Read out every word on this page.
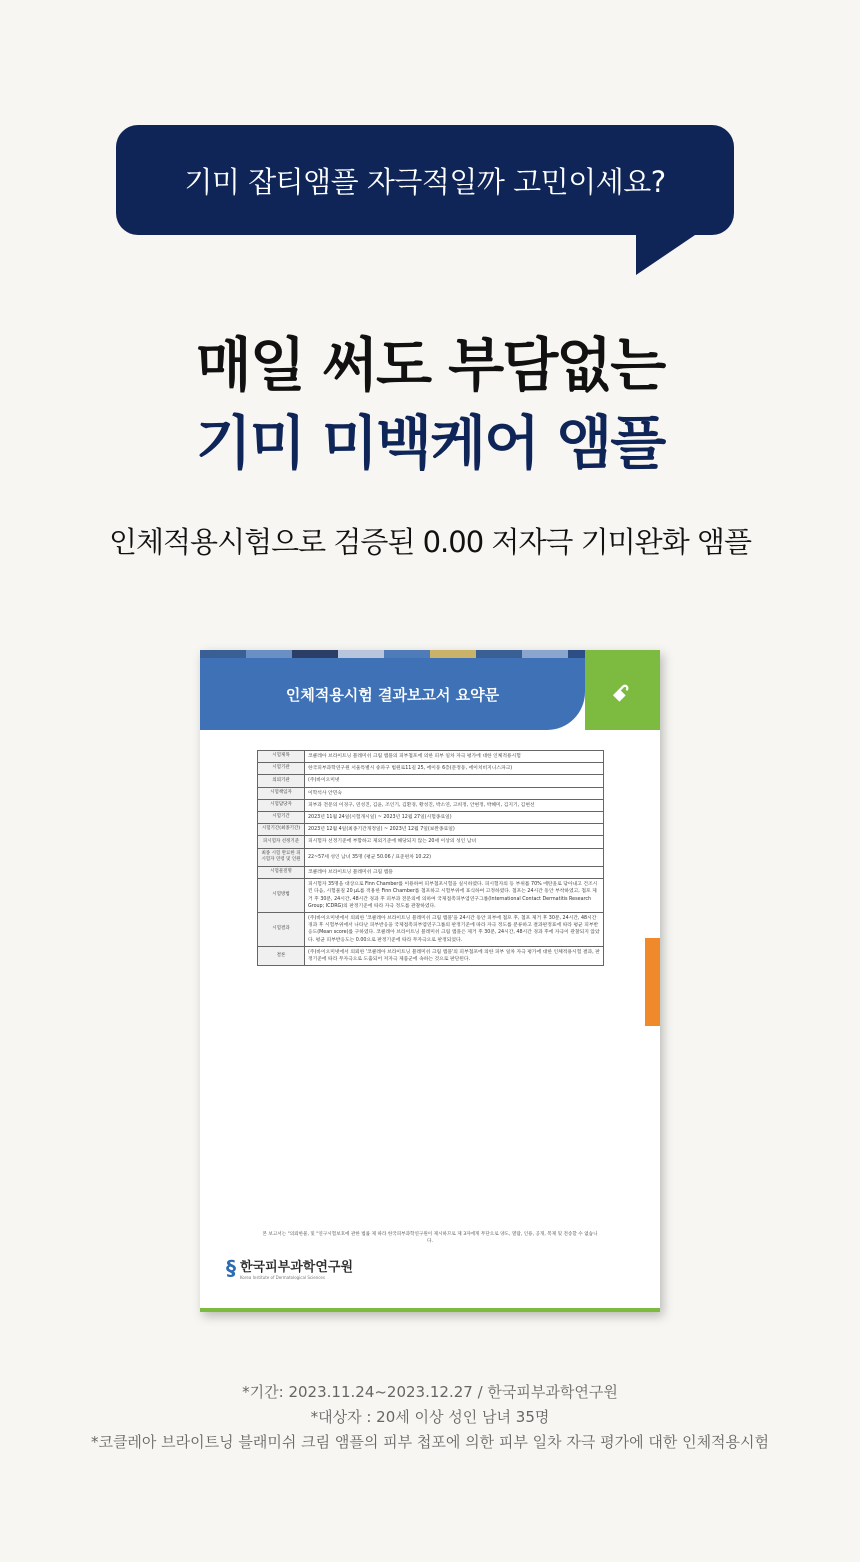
기미 잡티앰플 자극적일까 고민이세요?
매일 써도 부담없는
기미 미백케어 앰플
인체적용시험으로 검증된 0.00 저자극 기미완화 앰플
인체적용시험 결과보고서 요약문	ꗃ
시험제목	코클레아 브라이트닝 블레미쉬 크림 앰플의 피부첩포에 의한 피부 일차 자극 평가에 대한 인체적용시험
시험기관	한국피부과학연구원 서울특별시 송파구 법원로11길 25, 에이동 6층(문정동, 에이치비지니스파크)
의뢰기관	(주)바이오미넷
시험책임자	이학석사 안민숙
시험담당자	피부과 전문의 이경구, 연성진, 김윤, 조인기, 김환경, 황성진, 박소연, 고희정, 안현정, 박혜미, 김지기, 김현선
시험기간	2023년 11월 24일(시험개시일) ~ 2023년 12월 27일(시험종료일)
시험기간(최종기간)	2023년 12월 4일(최종기간개정일) ~ 2023년 12월 7일(보완종료일)
피시험자 선정기준	피시험자 선정기준에 부합하고 제외기준에 해당되지 않는 20세 이상의 성인 남녀
최종 시험 완료한 피시험자 연령 및 인원	22~57세 성인 남녀 35명 (평균 50.06 / 표준편차 10.22)
시험물질명	코클레아 브라이트닝 블레미쉬 크림 앰플
시험방법	피시험자 35명을 대상으로 Finn Chamber를 이용하여 피부첩포시험을 실시하였다. 피시험자의 등 부위를 70% 에탄올로 닦아내고 건조시킨 다음, 시험물질 20 μL를 적용한 Finn Chamber를 첩포하고 시험부위에 표식하여 고정하였다. 첩포는 24시간 동안 부착하였고, 첩포 제거 후 30분, 24시간, 48시간 경과 후 피부과 전문의에 의하여 국제접촉피부염연구그룹(International Contact Dermatitis Research Group; ICDRG)의 판정기준에 따라 자극 정도를 관찰하였다.
시험결과	(주)바이오미넷에서 의뢰한 '코클레아 브라이트닝 블레미쉬 크림 앰플'을 24시간 동안 피부에 첩포 후, 첩포 제거 후 30분, 24시간, 48시간 경과 후 시험부위에서 나타난 피부반응을 국제접촉피부염연구그룹의 판정기준에 따라 자극 정도를 분류하고 결과판정표에 따라 평균 피부반응도(Mean score)를 구하였다. 코클레아 브라이트닝 블레미쉬 크림 앰플은 제거 후 30분, 24시간, 48시간 경과 후에 자극이 관찰되지 않았다. 평균 피부반응도는 0.00으로 판정기준에 따라 무자극으로 판정되었다.
결론	(주)바이오미넷에서 의뢰한 '코클레아 브라이트닝 블레미쉬 크림 앰플'의 피부첩포에 의한 피부 일차 자극 평가에 대한 인체적용시험 결과, 판정기준에 따라 무자극으로 도출되어 저자극 제품군에 속하는 것으로 판단된다.
본 보고서는 "의뢰한물, 및 "연구시험보호에 관한 법률 제 따라 한국피부과학연구원이 제시하므로 제 3자에게 무단으로 양도, 열람, 인용, 공개, 복제 및 전송할 수 없습니다.
§ 한국피부과학연구원
Korea Institute of Dermatological Sciences
*기간: 2023.11.24~2023.12.27 / 한국피부과학연구원
*대상자 : 20세 이상 성인 남녀 35명
*코클레아 브라이트닝 블래미쉬 크림 앰플의 피부 첩포에 의한 피부 일차 자극 평가에 대한 인체적용시험
